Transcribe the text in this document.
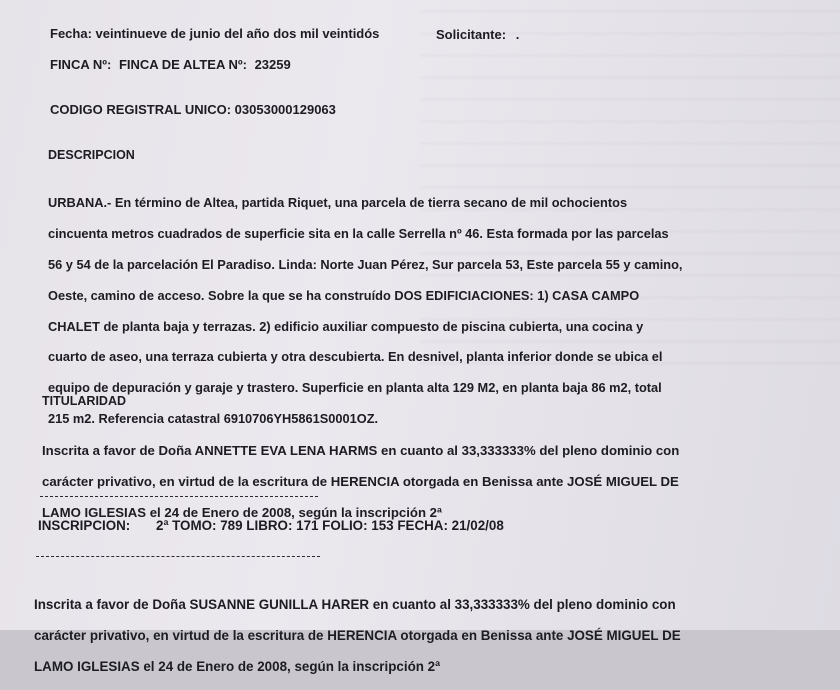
Fecha: veintinueve de junio del año dos mil veintidós	Solicitante: .
FINCA Nº: FINCA DE ALTEA Nº: 23259
CODIGO REGISTRAL UNICO: 03053000129063
DESCRIPCION

URBANA.- En término de Altea, partida Riquet, una parcela de tierra secano de mil ochocientos

cincuenta metros cuadrados de superficie sita en la calle Serrella nº 46. Esta formada por las parcelas

56 y 54 de la parcelación El Paradiso. Linda: Norte Juan Pérez, Sur parcela 53, Este parcela 55 y camino,

Oeste, camino de acceso. Sobre la que se ha construído DOS EDIFICIACIONES: 1) CASA CAMPO

CHALET de planta baja y terrazas. 2) edificio auxiliar compuesto de piscina cubierta, una cocina y

cuarto de aseo, una terraza cubierta y otra descubierta. En desnivel, planta inferior donde se ubica el

equipo de depuración y garaje y trastero. Superficie en planta alta 129 M2, en planta baja 86 m2, total

215 m2. Referencia catastral 6910706YH5861S0001OZ.

TITULARIDAD

Inscrita a favor de Doña ANNETTE EVA LENA HARMS en cuanto al 33,333333% del pleno dominio con

carácter privativo, en virtud de la escritura de HERENCIA otorgada en Benissa ante JOSÉ MIGUEL DE

LAMO IGLESIAS el 24 de Enero de 2008, según la inscripción 2ª

INSCRIPCION: 2ª TOMO: 789 LIBRO: 171 FOLIO: 153 FECHA: 21/02/08

Inscrita a favor de Doña SUSANNE GUNILLA HARER en cuanto al 33,333333% del pleno dominio con

carácter privativo, en virtud de la escritura de HERENCIA otorgada en Benissa ante JOSÉ MIGUEL DE

LAMO IGLESIAS el 24 de Enero de 2008, según la inscripción 2ª
